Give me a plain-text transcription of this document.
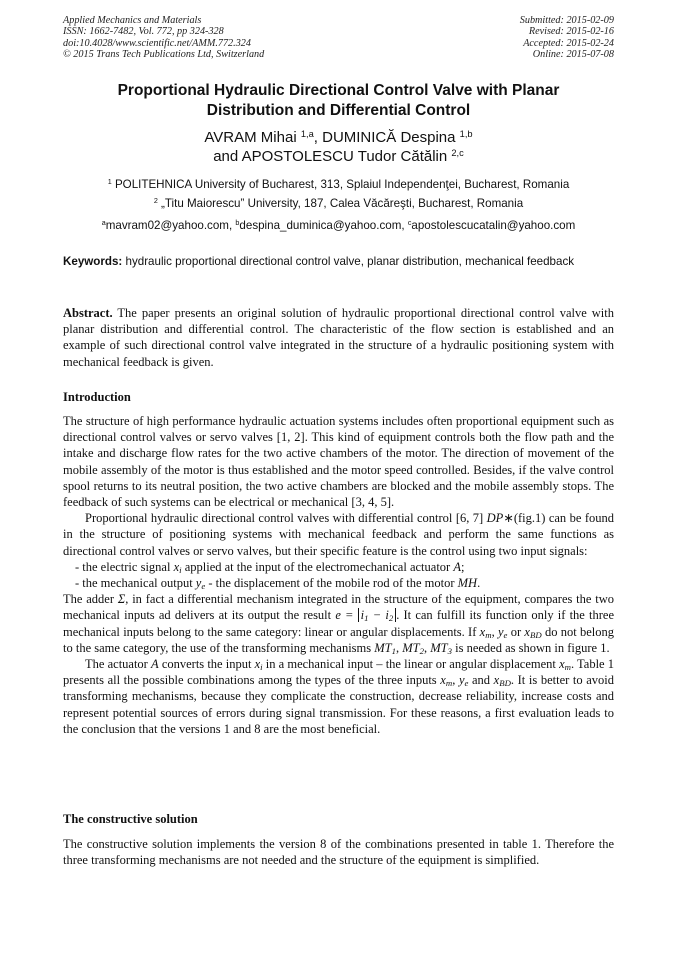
Applied Mechanics and Materials
ISSN: 1662-7482, Vol. 772, pp 324-328
doi:10.4028/www.scientific.net/AMM.772.324
© 2015 Trans Tech Publications Ltd, Switzerland
Submitted: 2015-02-09
Revised: 2015-02-16
Accepted: 2015-02-24
Online: 2015-07-08
Proportional Hydraulic Directional Control Valve with Planar
Distribution and Differential Control
AVRAM Mihai $^{1,a}$, DUMINICĂ Despina $^{1,b}$
and APOSTOLESCU Tudor Cătălin $^{2,c}$
$^1$ POLITEHNICA University of Bucharest, 313, Splaiul Independenţei, Bucharest, Romania
$^2$ „Titu Maiorescu” University, 187, Calea Văcăreşti, Bucharest, Romania
$^a$mavram02@yahoo.com, $^b$despina_duminica@yahoo.com, $^c$apostolescucatalin@yahoo.com
Keywords: hydraulic proportional directional control valve, planar distribution, mechanical feedback
Abstract. The paper presents an original solution of hydraulic proportional directional control valve with planar distribution and differential control. The characteristic of the flow section is established and an example of such directional control valve integrated in the structure of a hydraulic positioning system with mechanical feedback is given.
Introduction

The structure of high performance hydraulic actuation systems includes often proportional equipment such as directional control valves or servo valves [1, 2]. This kind of equipment controls both the flow path and the intake and discharge flow rates for the two active chambers of the motor. The direction of movement of the mobile assembly of the motor is thus established and the motor speed controlled. Besides, if the valve control spool returns to its neutral position, the two active chambers are blocked and the mobile assembly stops. The feedback of such systems can be electrical or mechanical [3, 4, 5].

Proportional hydraulic directional control valves with differential control [6, 7] DP∗(fig.1) can be found in the structure of positioning systems with mechanical feedback and perform the same functions as directional control valves or servo valves, but their specific feature is the control using two input signals:

- the electric signal $x_i$ applied at the input of the electromechanical actuator A;

- the mechanical output $y_e$ - the displacement of the mobile rod of the motor MH.

The adder Σ, in fact a differential mechanism integrated in the structure of the equipment, compares the two mechanical inputs ad delivers at its output the result $e = i_1 - i_2$ . It can fulfill its function only if the three mechanical inputs belong to the same category: linear or angular displacements. If $x_m$, $y_e$ or $x_{BD}$ do not belong to the same category, the use of the transforming mechanisms $MT_1$, $MT_2$, $MT_3$ is needed as shown in figure 1.

The actuator A converts the input $x_i$ in a mechanical input – the linear or angular displacement $x_m$. Table 1 presents all the possible combinations among the types of the three inputs $x_m$, $y_e$ and $x_{BD}$. It is better to avoid transforming mechanisms, because they complicate the construction, decrease reliability, increase costs and represent potential sources of errors during signal transmission. For these reasons, a first evaluation leads to the conclusion that the versions 1 and 8 are the most beneficial.

The constructive solution

The constructive solution implements the version 8 of the combinations presented in table 1. Therefore the three transforming mechanisms are not needed and the structure of the equipment is simplified.
